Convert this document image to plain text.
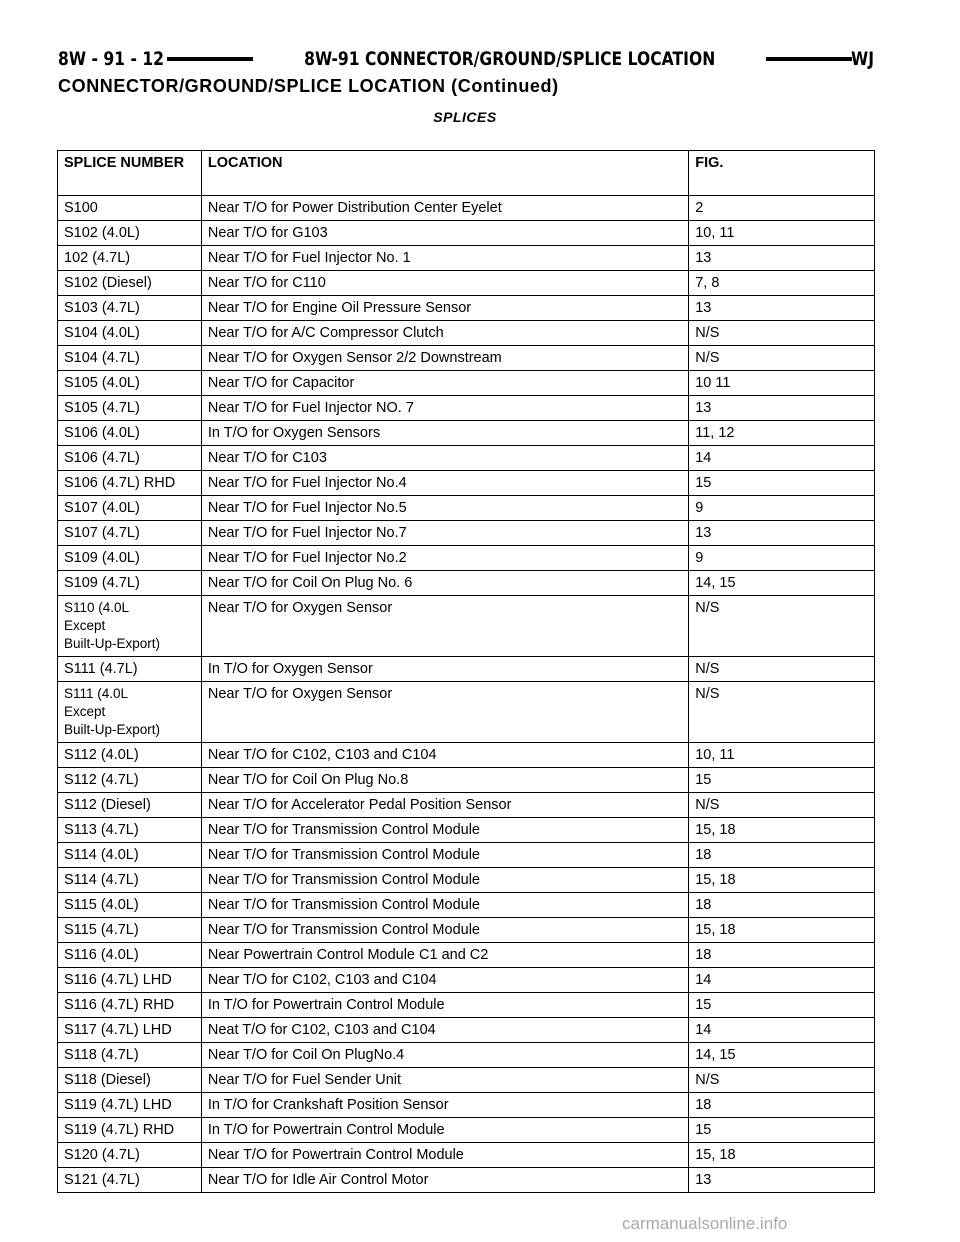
8W - 91 - 12	8W-91 CONNECTOR/GROUND/SPLICE LOCATION	WJ
CONNECTOR/GROUND/SPLICE LOCATION (Continued)
SPLICES
SPLICE NUMBER	LOCATION	FIG.
S100	Near T/O for Power Distribution Center Eyelet	2
S102 (4.0L)	Near T/O for G103	10, 11
102 (4.7L)	Near T/O for Fuel Injector No. 1	13
S102 (Diesel)	Near T/O for C110	7, 8
S103 (4.7L)	Near T/O for Engine Oil Pressure Sensor	13
S104 (4.0L)	Near T/O for A/C Compressor Clutch	N/S
S104 (4.7L)	Near T/O for Oxygen Sensor 2/2 Downstream	N/S
S105 (4.0L)	Near T/O for Capacitor	10 11
S105 (4.7L)	Near T/O for Fuel Injector NO. 7	13
S106 (4.0L)	In T/O for Oxygen Sensors	11, 12
S106 (4.7L)	Near T/O for C103	14
S106 (4.7L) RHD	Near T/O for Fuel Injector No.4	15
S107 (4.0L)	Near T/O for Fuel Injector No.5	9
S107 (4.7L)	Near T/O for Fuel Injector No.7	13
S109 (4.0L)	Near T/O for Fuel Injector No.2	9
S109 (4.7L)	Near T/O for Coil On Plug No. 6	14, 15
S110 (4.0L
Except
Built-Up-Export)	Near T/O for Oxygen Sensor	N/S
S111 (4.7L)	In T/O for Oxygen Sensor	N/S
S111 (4.0L
Except
Built-Up-Export)	Near T/O for Oxygen Sensor	N/S
S112 (4.0L)	Near T/O for C102, C103 and C104	10, 11
S112 (4.7L)	Near T/O for Coil On Plug No.8	15
S112 (Diesel)	Near T/O for Accelerator Pedal Position Sensor	N/S
S113 (4.7L)	Near T/O for Transmission Control Module	15, 18
S114 (4.0L)	Near T/O for Transmission Control Module	18
S114 (4.7L)	Near T/O for Transmission Control Module	15, 18
S115 (4.0L)	Near T/O for Transmission Control Module	18
S115 (4.7L)	Near T/O for Transmission Control Module	15, 18
S116 (4.0L)	Near Powertrain Control Module C1 and C2	18
S116 (4.7L) LHD	Near T/O for C102, C103 and C104	14
S116 (4.7L) RHD	In T/O for Powertrain Control Module	15
S117 (4.7L) LHD	Neat T/O for C102, C103 and C104	14
S118 (4.7L)	Near T/O for Coil On PlugNo.4	14, 15
S118 (Diesel)	Near T/O for Fuel Sender Unit	N/S
S119 (4.7L) LHD	In T/O for Crankshaft Position Sensor	18
S119 (4.7L) RHD	In T/O for Powertrain Control Module	15
S120 (4.7L)	Near T/O for Powertrain Control Module	15, 18
S121 (4.7L)	Near T/O for Idle Air Control Motor	13
carmanualsonline.info
